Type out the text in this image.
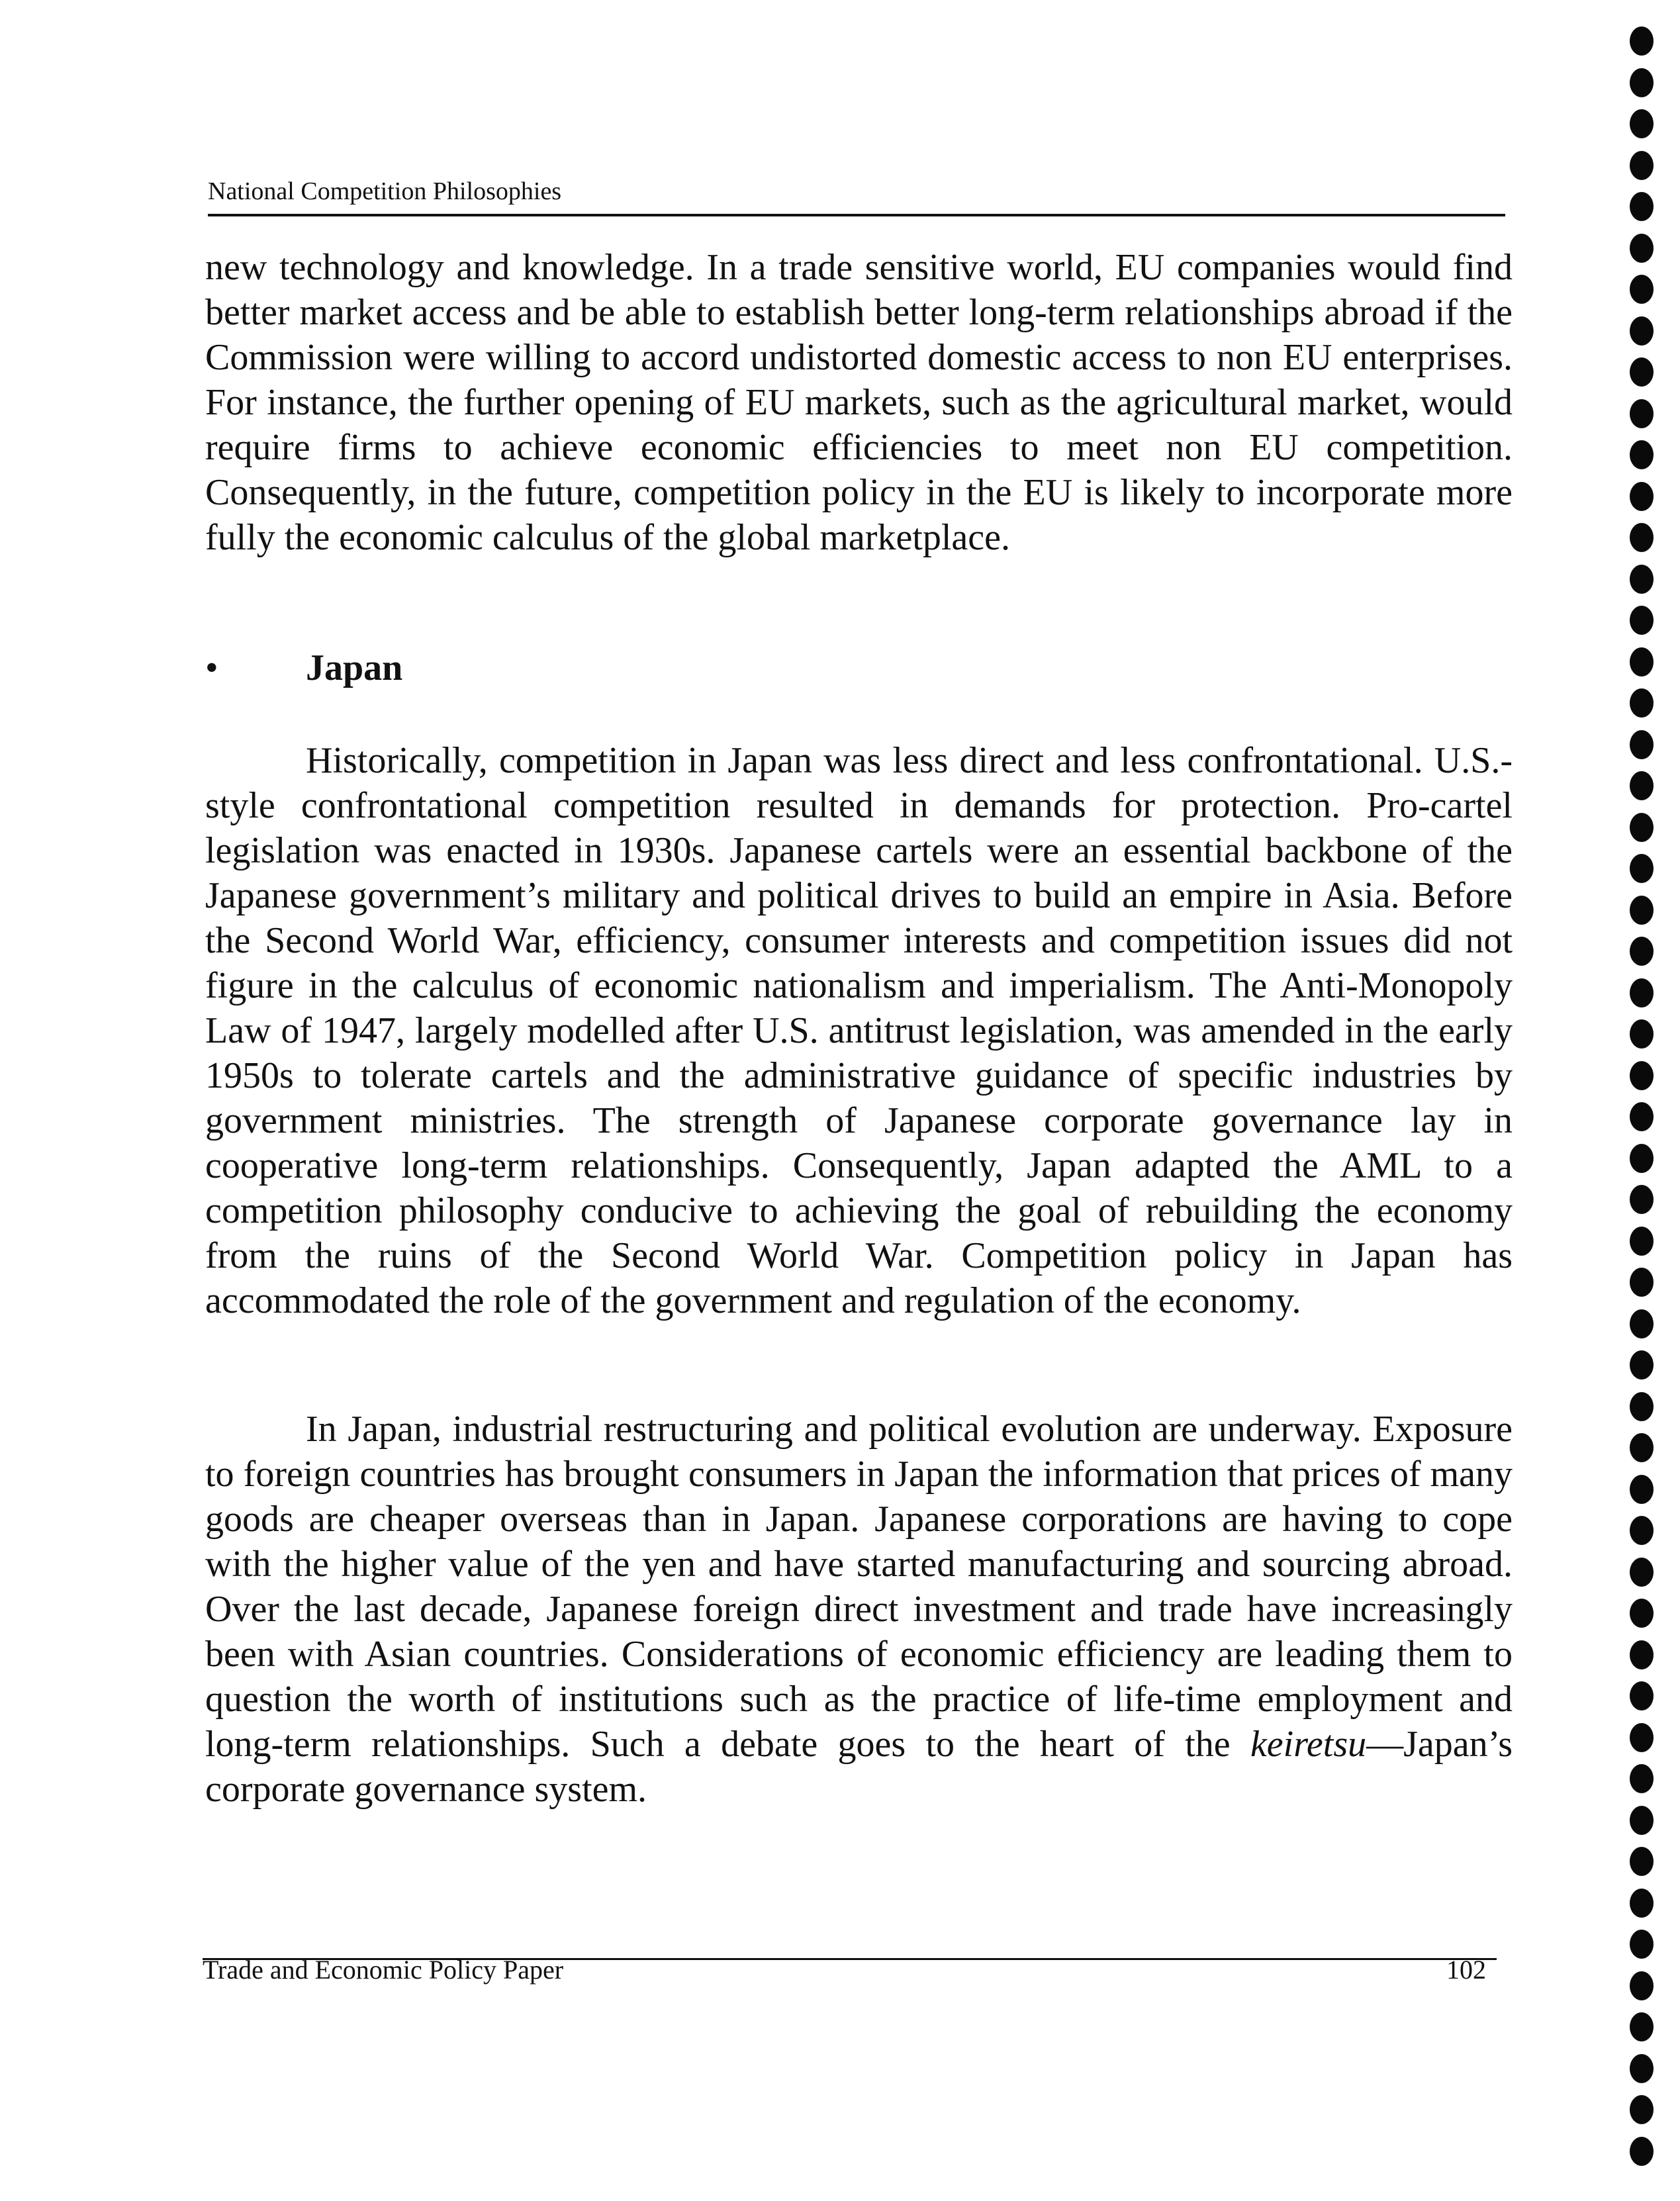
National Competition Philosophies

new technology and knowledge. In a trade sensitive world, EU companies would find better market access and be able to establish better long-term relationships abroad if the Commission were willing to accord undistorted domestic access to non EU enterprises. For instance, the further opening of EU markets, such as the agricultural market, would require firms to achieve economic efficiencies to meet non EU competition. Consequently, in the future, competition policy in the EU is likely to incorporate more fully the economic calculus of the global marketplace.

• Japan

Historically, competition in Japan was less direct and less confrontational. U.S.-style confrontational competition resulted in demands for protection. Pro-cartel legislation was enacted in 1930s. Japanese cartels were an essential backbone of the Japanese government’s military and political drives to build an empire in Asia. Before the Second World War, efficiency, consumer interests and competition issues did not figure in the calculus of economic nationalism and imperialism. The Anti-Monopoly Law of 1947, largely modelled after U.S. antitrust legislation, was amended in the early 1950s to tolerate cartels and the administrative guidance of specific industries by government ministries. The strength of Japanese corporate governance lay in cooperative long-term relationships. Consequently, Japan adapted the AML to a competition philosophy conducive to achieving the goal of rebuilding the economy from the ruins of the Second World War. Competition policy in Japan has accommodated the role of the government and regulation of the economy.

In Japan, industrial restructuring and political evolution are underway. Exposure to foreign countries has brought consumers in Japan the information that prices of many goods are cheaper overseas than in Japan. Japanese corporations are having to cope with the higher value of the yen and have started manufacturing and sourcing abroad. Over the last decade, Japanese foreign direct investment and trade have increasingly been with Asian countries. Considerations of economic efficiency are leading them to question the worth of institutions such as the practice of life-time employment and long-term relationships. Such a debate goes to the heart of the keiretsu—Japan’s corporate governance system.

Trade and Economic Policy Paper	102
